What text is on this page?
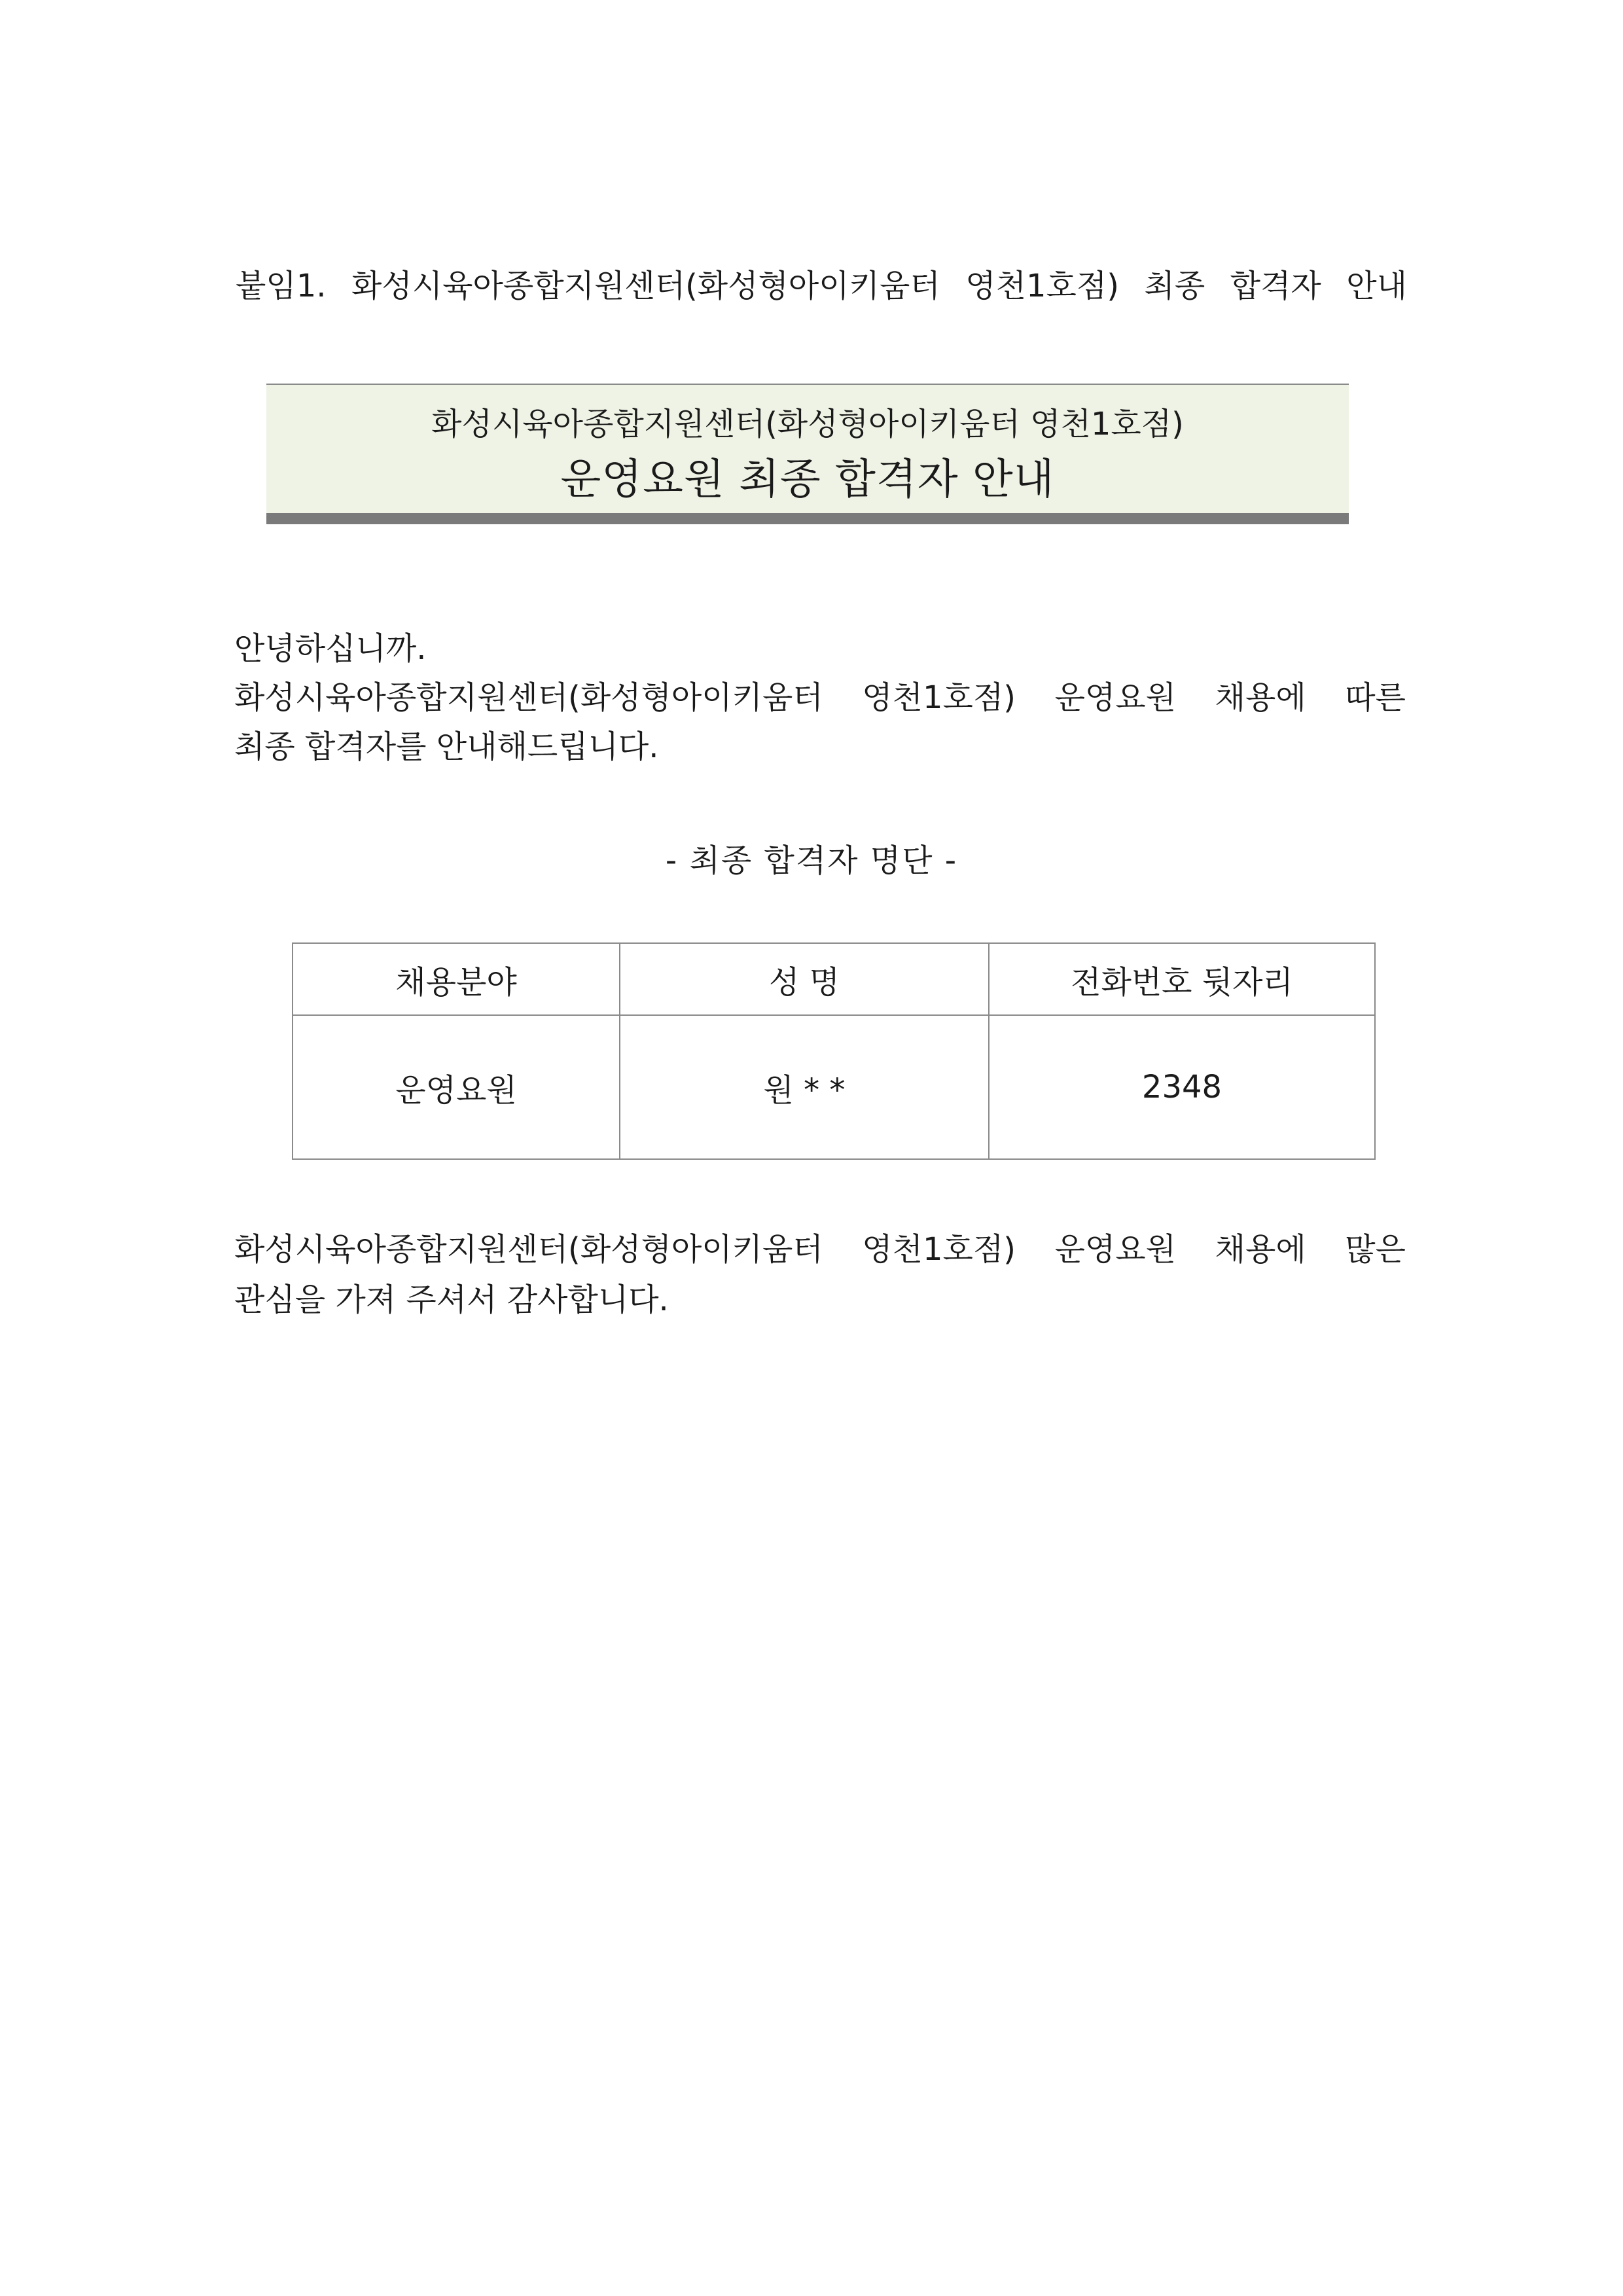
붙임1. 화성시육아종합지원센터(화성형아이키움터 영천1호점) 최종 합격자 안내
화성시육아종합지원센터(화성형아이키움터 영천1호점)
운영요원 최종 합격자 안내
안녕하십니까.
화성시육아종합지원센터(화성형아이키움터 영천1호점) 운영요원 채용에 따른
최종 합격자를 안내해드립니다.
- 최종 합격자 명단 -
채용분야	성 명	전화번호 뒷자리
운영요원	원 * *	2348
화성시육아종합지원센터(화성형아이키움터 영천1호점) 운영요원 채용에 많은
관심을 가져 주셔서 감사합니다.
